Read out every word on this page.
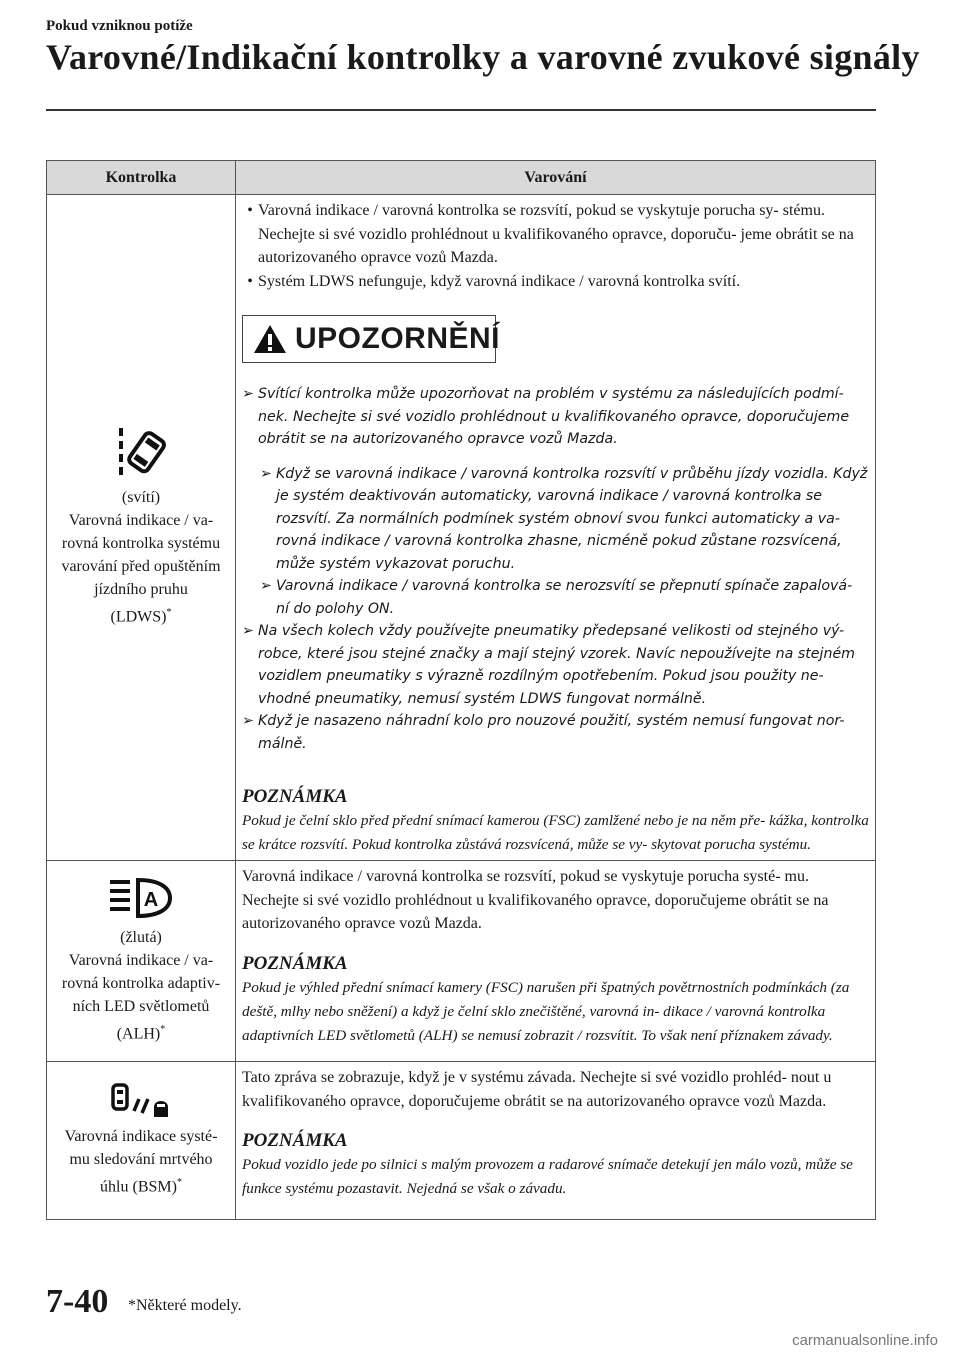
Pokud vzniknou potíže
Varovné/Indikační kontrolky a varovné zvukové signály
Kontrolka	Varování
(svítí)
Varovná indikace / va-
rovná kontrolka systému
varování před opuštěním
jízdního pruhu
(LDWS)*
• Varovná indikace / varovná kontrolka se rozsvítí, pokud se vyskytuje porucha sy- stému. Nechejte si své vozidlo prohlédnout u kvalifikovaného opravce, doporuču- jeme obrátit se na autorizovaného opravce vozů Mazda.
• Systém LDWS nefunguje, když varovná indikace / varovná kontrolka svítí.
UPOZORNĚNÍ
➢ Svítící kontrolka může upozorňovat na problém v systému za následujících podmí- nek. Nechejte si své vozidlo prohlédnout u kvalifikovaného opravce, doporučujeme obrátit se na autorizovaného opravce vozů Mazda.
➢ Když se varovná indikace / varovná kontrolka rozsvítí v průběhu jízdy vozidla. Když je systém deaktivován automaticky, varovná indikace / varovná kontrolka se rozsvítí. Za normálních podmínek systém obnoví svou funkci automaticky a va- rovná indikace / varovná kontrolka zhasne, nicméně pokud zůstane rozsvícená, může systém vykazovat poruchu.
➢ Varovná indikace / varovná kontrolka se nerozsvítí se přepnutí spínače zapalová- ní do polohy ON.
➢ Na všech kolech vždy používejte pneumatiky předepsané velikosti od stejného vý- robce, které jsou stejné značky a mají stejný vzorek. Navíc nepoužívejte na stejném vozidlem pneumatiky s výrazně rozdílným opotřebením. Pokud jsou použity ne- vhodné pneumatiky, nemusí systém LDWS fungovat normálně.
➢ Když je nasazeno náhradní kolo pro nouzové použití, systém nemusí fungovat nor- málně.
POZNÁMKA
Pokud je čelní sklo před přední snímací kamerou (FSC) zamlžené nebo je na něm pře- kážka, kontrolka se krátce rozsvítí. Pokud kontrolka zůstává rozsvícená, může se vy- skytovat porucha systému.
A
(žlutá)
Varovná indikace / va-
rovná kontrolka adaptiv-
ních LED světlometů
(ALH)*
Varovná indikace / varovná kontrolka se rozsvítí, pokud se vyskytuje porucha systé- mu. Nechejte si své vozidlo prohlédnout u kvalifikovaného opravce, doporučujeme obrátit se na autorizovaného opravce vozů Mazda.
POZNÁMKA
Pokud je výhled přední snímací kamery (FSC) narušen při špatných povětrnostních podmínkách (za deště, mlhy nebo sněžení) a když je čelní sklo znečištěné, varovná in- dikace / varovná kontrolka adaptivních LED světlometů (ALH) se nemusí zobrazit / rozsvítit. To však není příznakem závady.
Varovná indikace systé-
mu sledování mrtvého
úhlu (BSM)*
Tato zpráva se zobrazuje, když je v systému závada. Nechejte si své vozidlo prohléd- nout u kvalifikovaného opravce, doporučujeme obrátit se na autorizovaného opravce vozů Mazda.
POZNÁMKA
Pokud vozidlo jede po silnici s malým provozem a radarové snímače detekují jen málo vozů, může se funkce systému pozastavit. Nejedná se však o závadu.
7-40 *Některé modely.
carmanualsonline.info
